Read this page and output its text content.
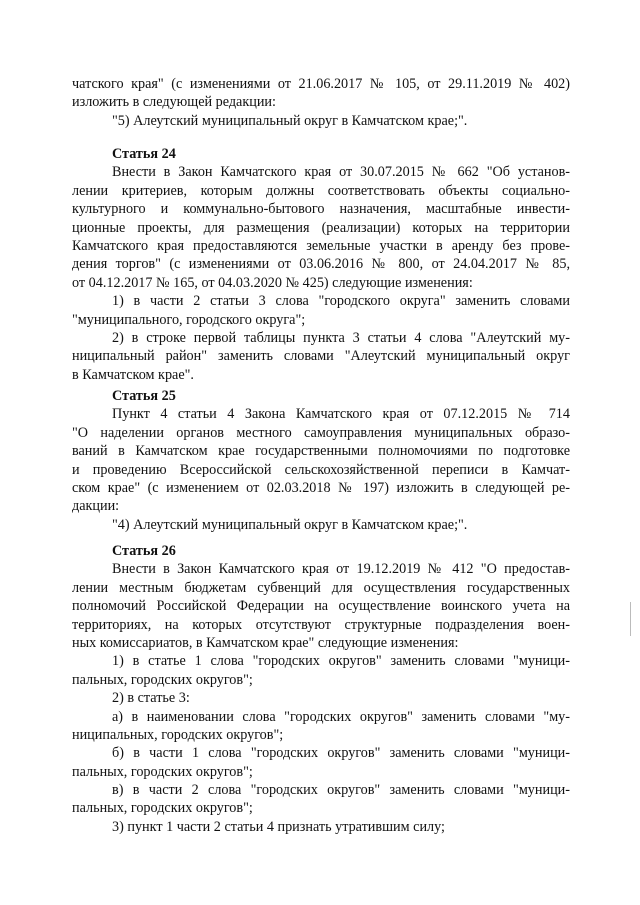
чатского края" (с изменениями от 21.06.2017 № 105, от 29.11.2019 № 402)
изложить в следующей редакции:
"5) Алеутский муниципальный округ в Камчатском крае;".
Статья 24
Внести в Закон Камчатского края от 30.07.2015 № 662 "Об установ-
лении критериев, которым должны соответствовать объекты социально-
культурного и коммунально-бытового назначения, масштабные инвести-
ционные проекты, для размещения (реализации) которых на территории
Камчатского края предоставляются земельные участки в аренду без прове-
дения торгов" (с изменениями от 03.06.2016 № 800, от 24.04.2017 № 85,
от 04.12.2017 № 165, от 04.03.2020 № 425) следующие изменения:
1) в части 2 статьи 3 слова "городского округа" заменить словами
"муниципального, городского округа";
2) в строке первой таблицы пункта 3 статьи 4 слова "Алеутский му-
ниципальный район" заменить словами "Алеутский муниципальный округ
в Камчатском крае".
Статья 25
Пункт 4 статьи 4 Закона Камчатского края от 07.12.2015 № 714
"О наделении органов местного самоуправления муниципальных образо-
ваний в Камчатском крае государственными полномочиями по подготовке
и проведению Всероссийской сельскохозяйственной переписи в Камчат-
ском крае" (с изменением от 02.03.2018 № 197) изложить в следующей ре-
дакции:
"4) Алеутский муниципальный округ в Камчатском крае;".
Статья 26
Внести в Закон Камчатского края от 19.12.2019 № 412 "О предостав-
лении местным бюджетам субвенций для осуществления государственных
полномочий Российской Федерации на осуществление воинского учета на
территориях, на которых отсутствуют структурные подразделения воен-
ных комиссариатов, в Камчатском крае" следующие изменения:
1) в статье 1 слова "городских округов" заменить словами "муници-
пальных, городских округов";
2) в статье 3:
а) в наименовании слова "городских округов" заменить словами "му-
ниципальных, городских округов";
б) в части 1 слова "городских округов" заменить словами "муници-
пальных, городских округов";
в) в части 2 слова "городских округов" заменить словами "муници-
пальных, городских округов";
3) пункт 1 части 2 статьи 4 признать утратившим силу;
